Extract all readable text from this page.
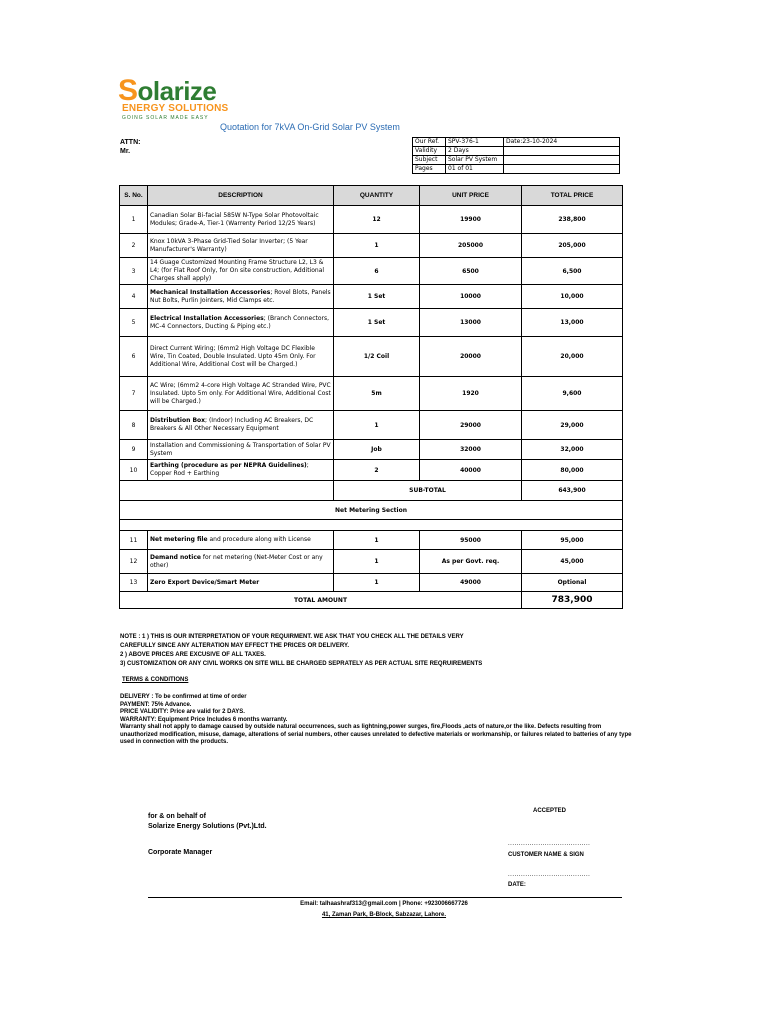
Solarize
ENERGY SOLUTIONS
GOING SOLAR MADE EASY
Quotation for 7kVA On-Grid Solar PV System
ATTN:
Mr.
Our Ref.	SPV-376-1	Date:23-10-2024
Validity	2 Days	
Subject	Solar PV System	
Pages	01 of 01	
S. No.	DESCRIPTION	QUANTITY	UNIT PRICE	TOTAL PRICE
1	Canadian Solar Bi-facial 585W N-Type Solar Photovoltaic Modules; Grade-A, Tier-1 (Warrenty Period 12/25 Years)	12	19900	238,800
2	Knox 10kVA 3-Phase Grid-Tied Solar Inverter; (5 Year Manufacturer's Warranty)	1	205000	205,000
3	14 Guage Customized Mounting Frame Structure L2, L3 & L4; (for Flat Roof Only, for On site construction, Additional Charges shall apply)	6	6500	6,500
4	Mechanical Installation Accessories; Rovel Blots, Panels Nut Bolts, Purlin Jointers, Mid Clamps etc.	1 Set	10000	10,000
5	Electrical Installation Accessories; (Branch Connectors, MC-4 Connectors, Ducting & Piping etc.)	1 Set	13000	13,000
6	Direct Current Wiring; (6mm2 High Voltage DC Flexible Wire, Tin Coated, Double Insulated. Upto 45m Only. For Additional Wire, Additional Cost will be Charged.)	1/2 Coil	20000	20,000
7	AC Wire; (6mm2 4-core High Voltage AC Stranded Wire, PVC Insulated. Upto 5m only. For Additional Wire, Additional Cost will be Charged.)	5m	1920	9,600
8	Distribution Box; (Indoor) Including AC Breakers, DC Breakers & All Other Necessary Equipment	1	29000	29,000
9	Installation and Commissioning & Transportation of Solar PV System	Job	32000	32,000
10	Earthing (procedure as per NEPRA Guidelines); Copper Rod + Earthing	2	40000	80,000
		SUB-TOTAL		643,900
Net Metering Section				

11	Net metering file and procedure along with License	1	95000	95,000
12	Demand notice for net metering (Net-Meter Cost or any other)	1	As per Govt. req.	45,000
13	Zero Export Device/Smart Meter	1	49000	Optional
TOTAL AMOUNT				783,900
NOTE : 1 ) THIS IS OUR INTERPRETATION OF YOUR REQUIRMENT. WE ASK THAT YOU CHECK ALL THE DETAILS VERY
CAREFULLY SINCE ANY ALTERATION MAY EFFECT THE PRICES OR DELIVERY.
2 ) ABOVE PRICES ARE EXCUSIVE OF ALL TAXES.
3) CUSTOMIZATION OR ANY CIVIL WORKS ON SITE WILL BE CHARGED SEPRATELY AS PER ACTUAL SITE REQRUIREMENTS
TERMS & CONDITIONS
DELIVERY : To be confirmed at time of order
PAYMENT: 75% Advance.
PRICE VALIDITY: Price are valid for 2 DAYS.
WARRANTY: Equipment Price Includes 6 months warranty.
Warranty shall not apply to damage caused by outside natural occurrences, such as lightning,power surges, fire,Floods ,acts of nature,or the like. Defects resulting from unauthorized modification, misuse, damage, alterations of serial numbers, other causes unrelated to defective materials or workmanship, or failures related to batteries of any type used in connection with the products.
for & on behalf of
Solarize Energy Solutions (Pvt.)Ltd.
Corporate Manager
ACCEPTED
......................................
CUSTOMER NAME & SIGN
......................................
DATE:
Email: talhaashraf313@gmail.com | Phone: +923006667726
41, Zaman Park, B-Block, Sabzazar, Lahore.
